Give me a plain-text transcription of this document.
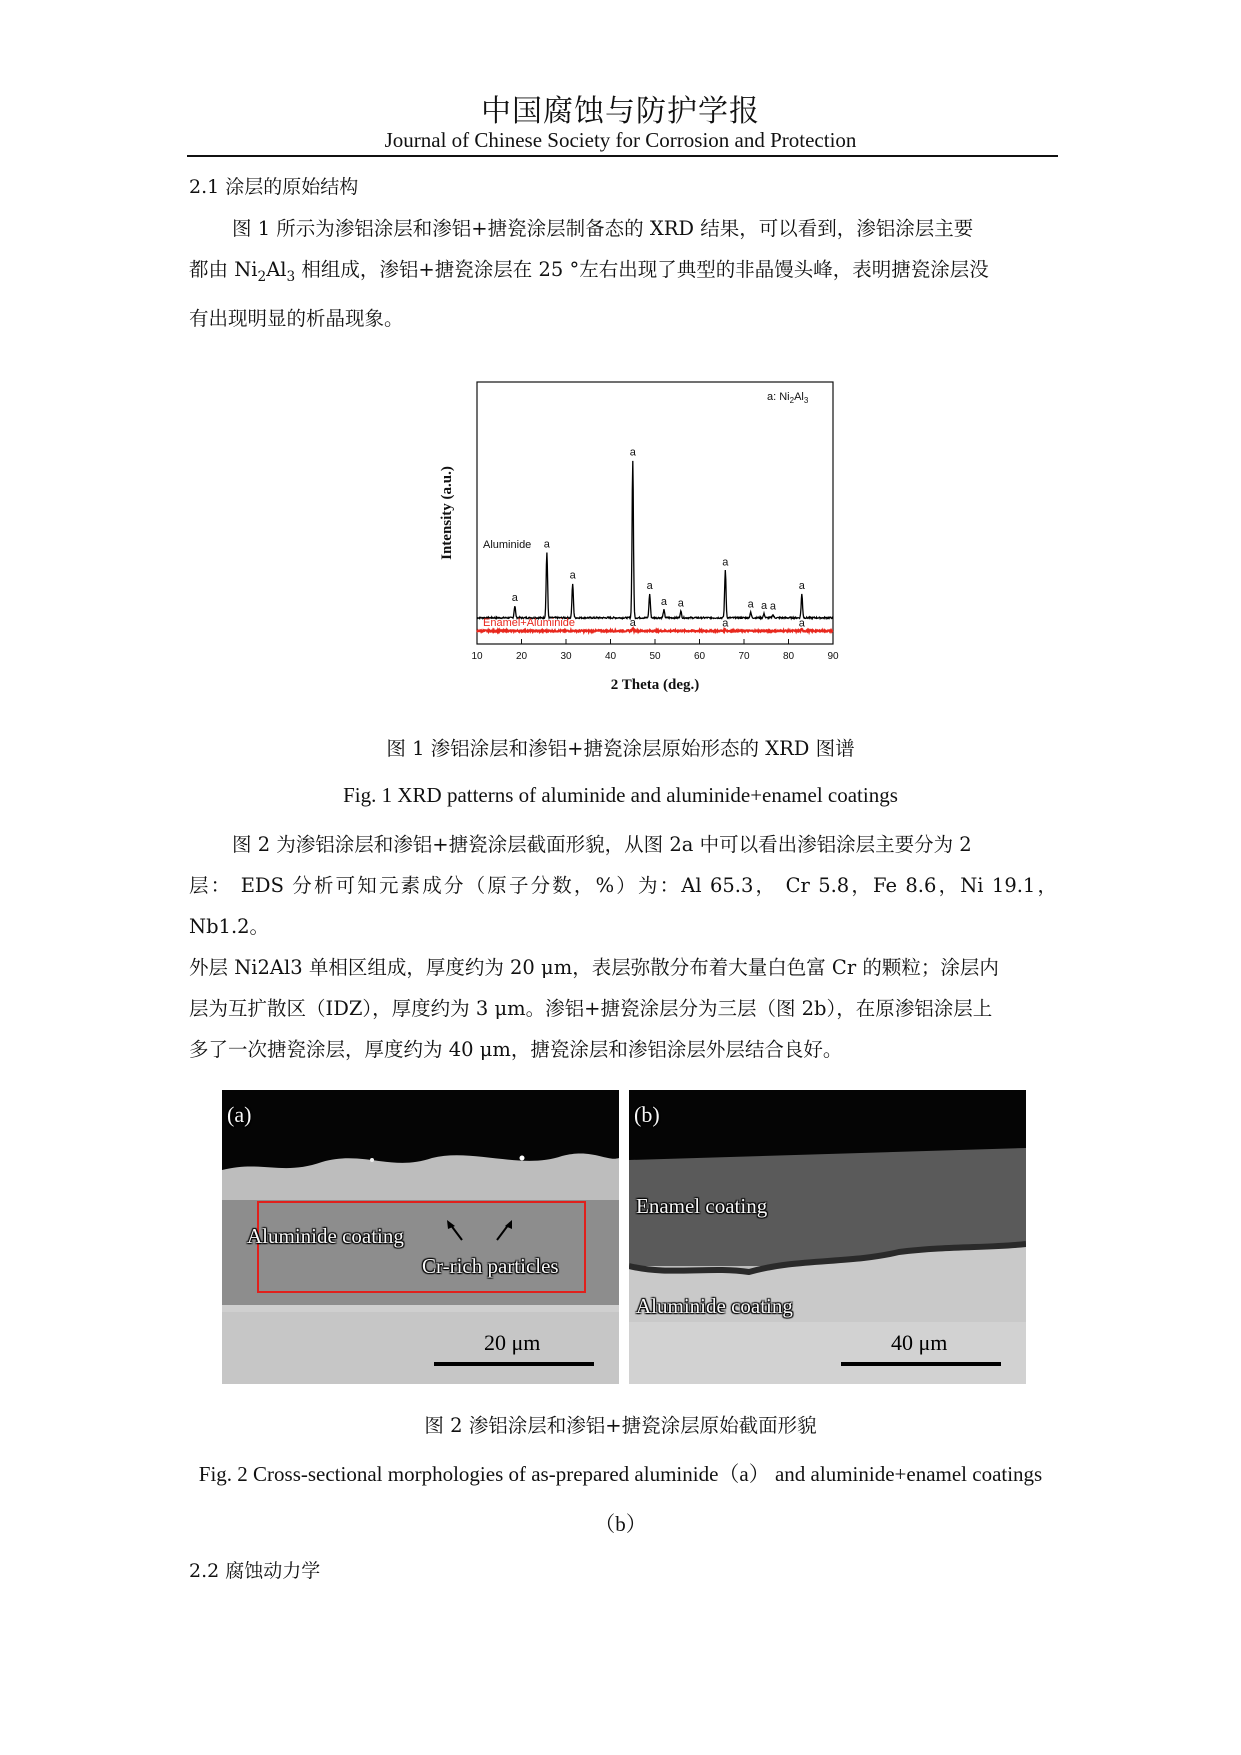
中国腐蚀与防护学报
Journal of Chinese Society for Corrosion and Protection
2.1 涂层的原始结构

图 1 所示为渗铝涂层和渗铝+搪瓷涂层制备态的 XRD 结果，可以看到，渗铝涂层主要

都由 $Ni_2Al_3$ 相组成，渗铝+搪瓷涂层在 25 °左右出现了典型的非晶馒头峰，表明搪瓷涂层没

有出现明显的析晶现象。

10	20	30	40	50	60	70	80	90
a
a
a
a
a
a a
a
a a a
a
a	a	a
2 Theta (deg.)
Intensity (a.u.)
a: $Ni_2Al_3$
Aluminide
Enamel+Aluminide
图 1 渗铝涂层和渗铝+搪瓷涂层原始形态的 XRD 图谱
Fig. 1 XRD patterns of aluminide and aluminide+enamel coatings

图 2 为渗铝涂层和渗铝+搪瓷涂层截面形貌，从图 2a 中可以看出渗铝涂层主要分为 2

层： EDS 分析可知元素成分（原子分数，%）为：Al 65.3， Cr 5.8，Fe 8.6，Ni 19.1，Nb1.2。

外层 Ni2Al3 单相区组成，厚度约为 20 μm，表层弥散分布着大量白色富 Cr 的颗粒；涂层内

层为互扩散区（IDZ），厚度约为 3 μm。渗铝+搪瓷涂层分为三层（图 2b），在原渗铝涂层上

多了一次搪瓷涂层，厚度约为 40 μm，搪瓷涂层和渗铝涂层外层结合良好。

(a)
Aluminide coating
Cr-rich particles
20 μm
(b)
Enamel coating
Aluminide coating
40 μm
图 2 渗铝涂层和渗铝+搪瓷涂层原始截面形貌
Fig. 2 Cross-sectional morphologies of as-prepared aluminide（a） and aluminide+enamel coatings
（b）
2.2 腐蚀动力学
